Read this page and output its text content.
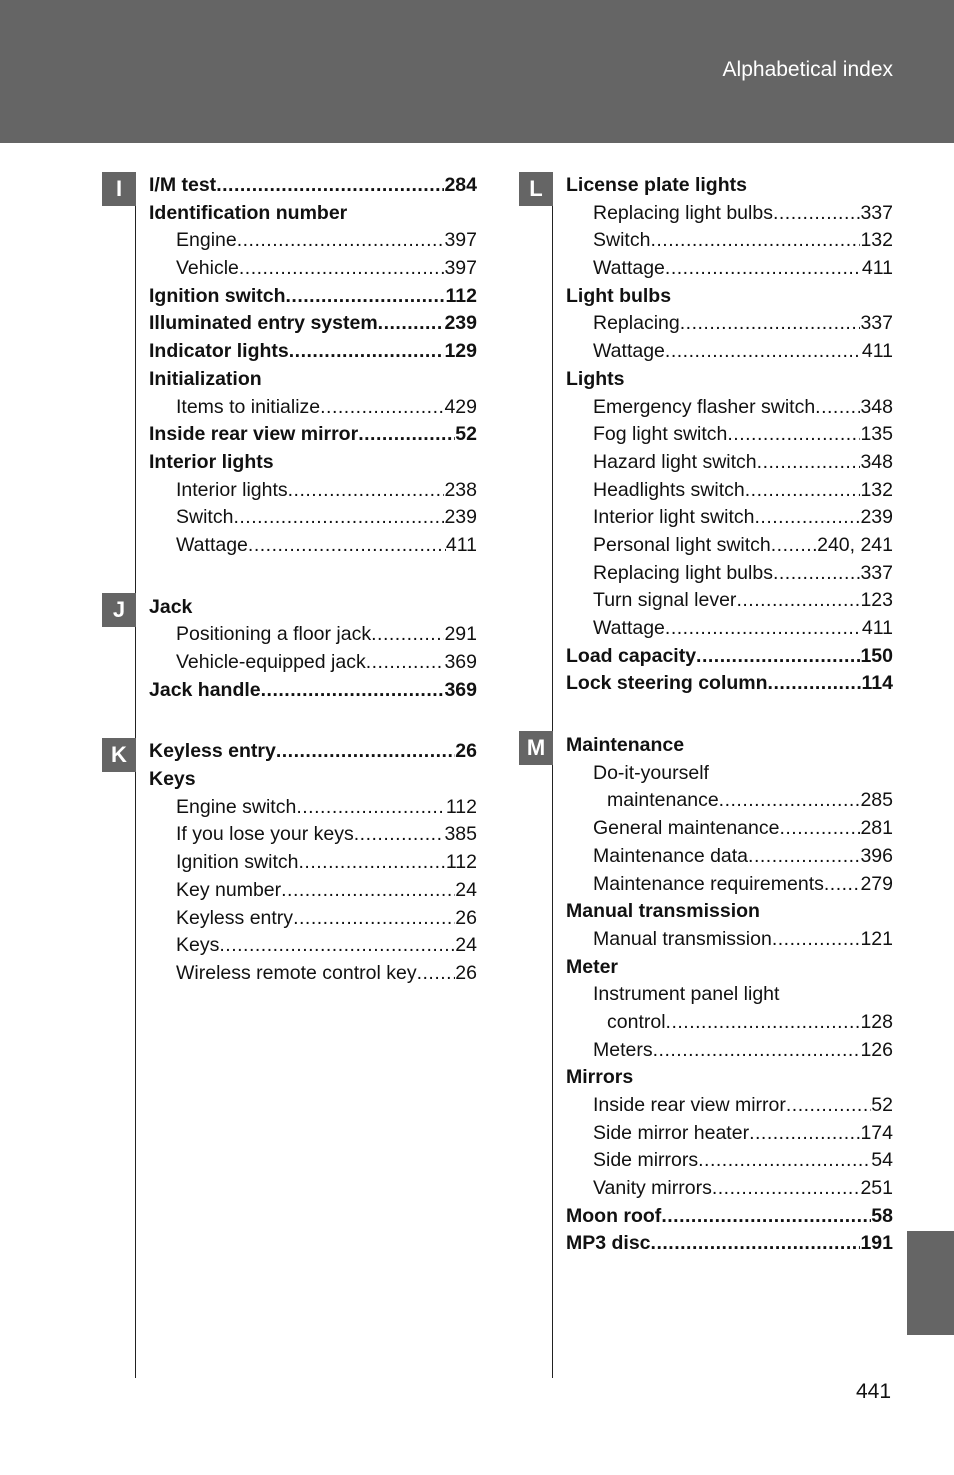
Alphabetical index
I
J
K
L
M
I/M test .....	284
Identification number
Engine .....	397
Vehicle .....	397
Ignition switch .....	112
Illuminated entry system .....	239
Indicator lights .....	129
Initialization
Items to initialize .....	429
Inside rear view mirror .....	52
Interior lights
Interior lights .....	238
Switch .....	239
Wattage .....	411
Jack
Positioning a floor jack .....	291
Vehicle-equipped jack .....	369
Jack handle .....	369
Keyless entry .....	26
Keys
Engine switch .....	112
If you lose your keys .....	385
Ignition switch .....	112
Key number .....	24
Keyless entry .....	26
Keys .....	24
Wireless remote control key ..... 26
License plate lights
Replacing light bulbs .....	337
Switch .....	132
Wattage .....	411
Light bulbs
Replacing .....	337
Wattage .....	411
Lights
Emergency flasher switch ..... 348
Fog light switch .....	135
Hazard light switch .....	348
Headlights switch .....	132
Interior light switch .....	239
Personal light switch ..... 240, 241
Replacing light bulbs .....	337
Turn signal lever .....	123
Wattage .....	411
Load capacity .....	150
Lock steering column .....	114
Maintenance
Do-it-yourself
maintenance .....	285
General maintenance .....	281
Maintenance data .....	396
Maintenance requirements ..... 279
Manual transmission
Manual transmission .....	121
Meter
Instrument panel light
control .....	128
Meters .....	126
Mirrors
Inside rear view mirror .....	52
Side mirror heater .....	174
Side mirrors .....	54
Vanity mirrors .....	251
Moon roof .....	58
MP3 disc .....	191
441
